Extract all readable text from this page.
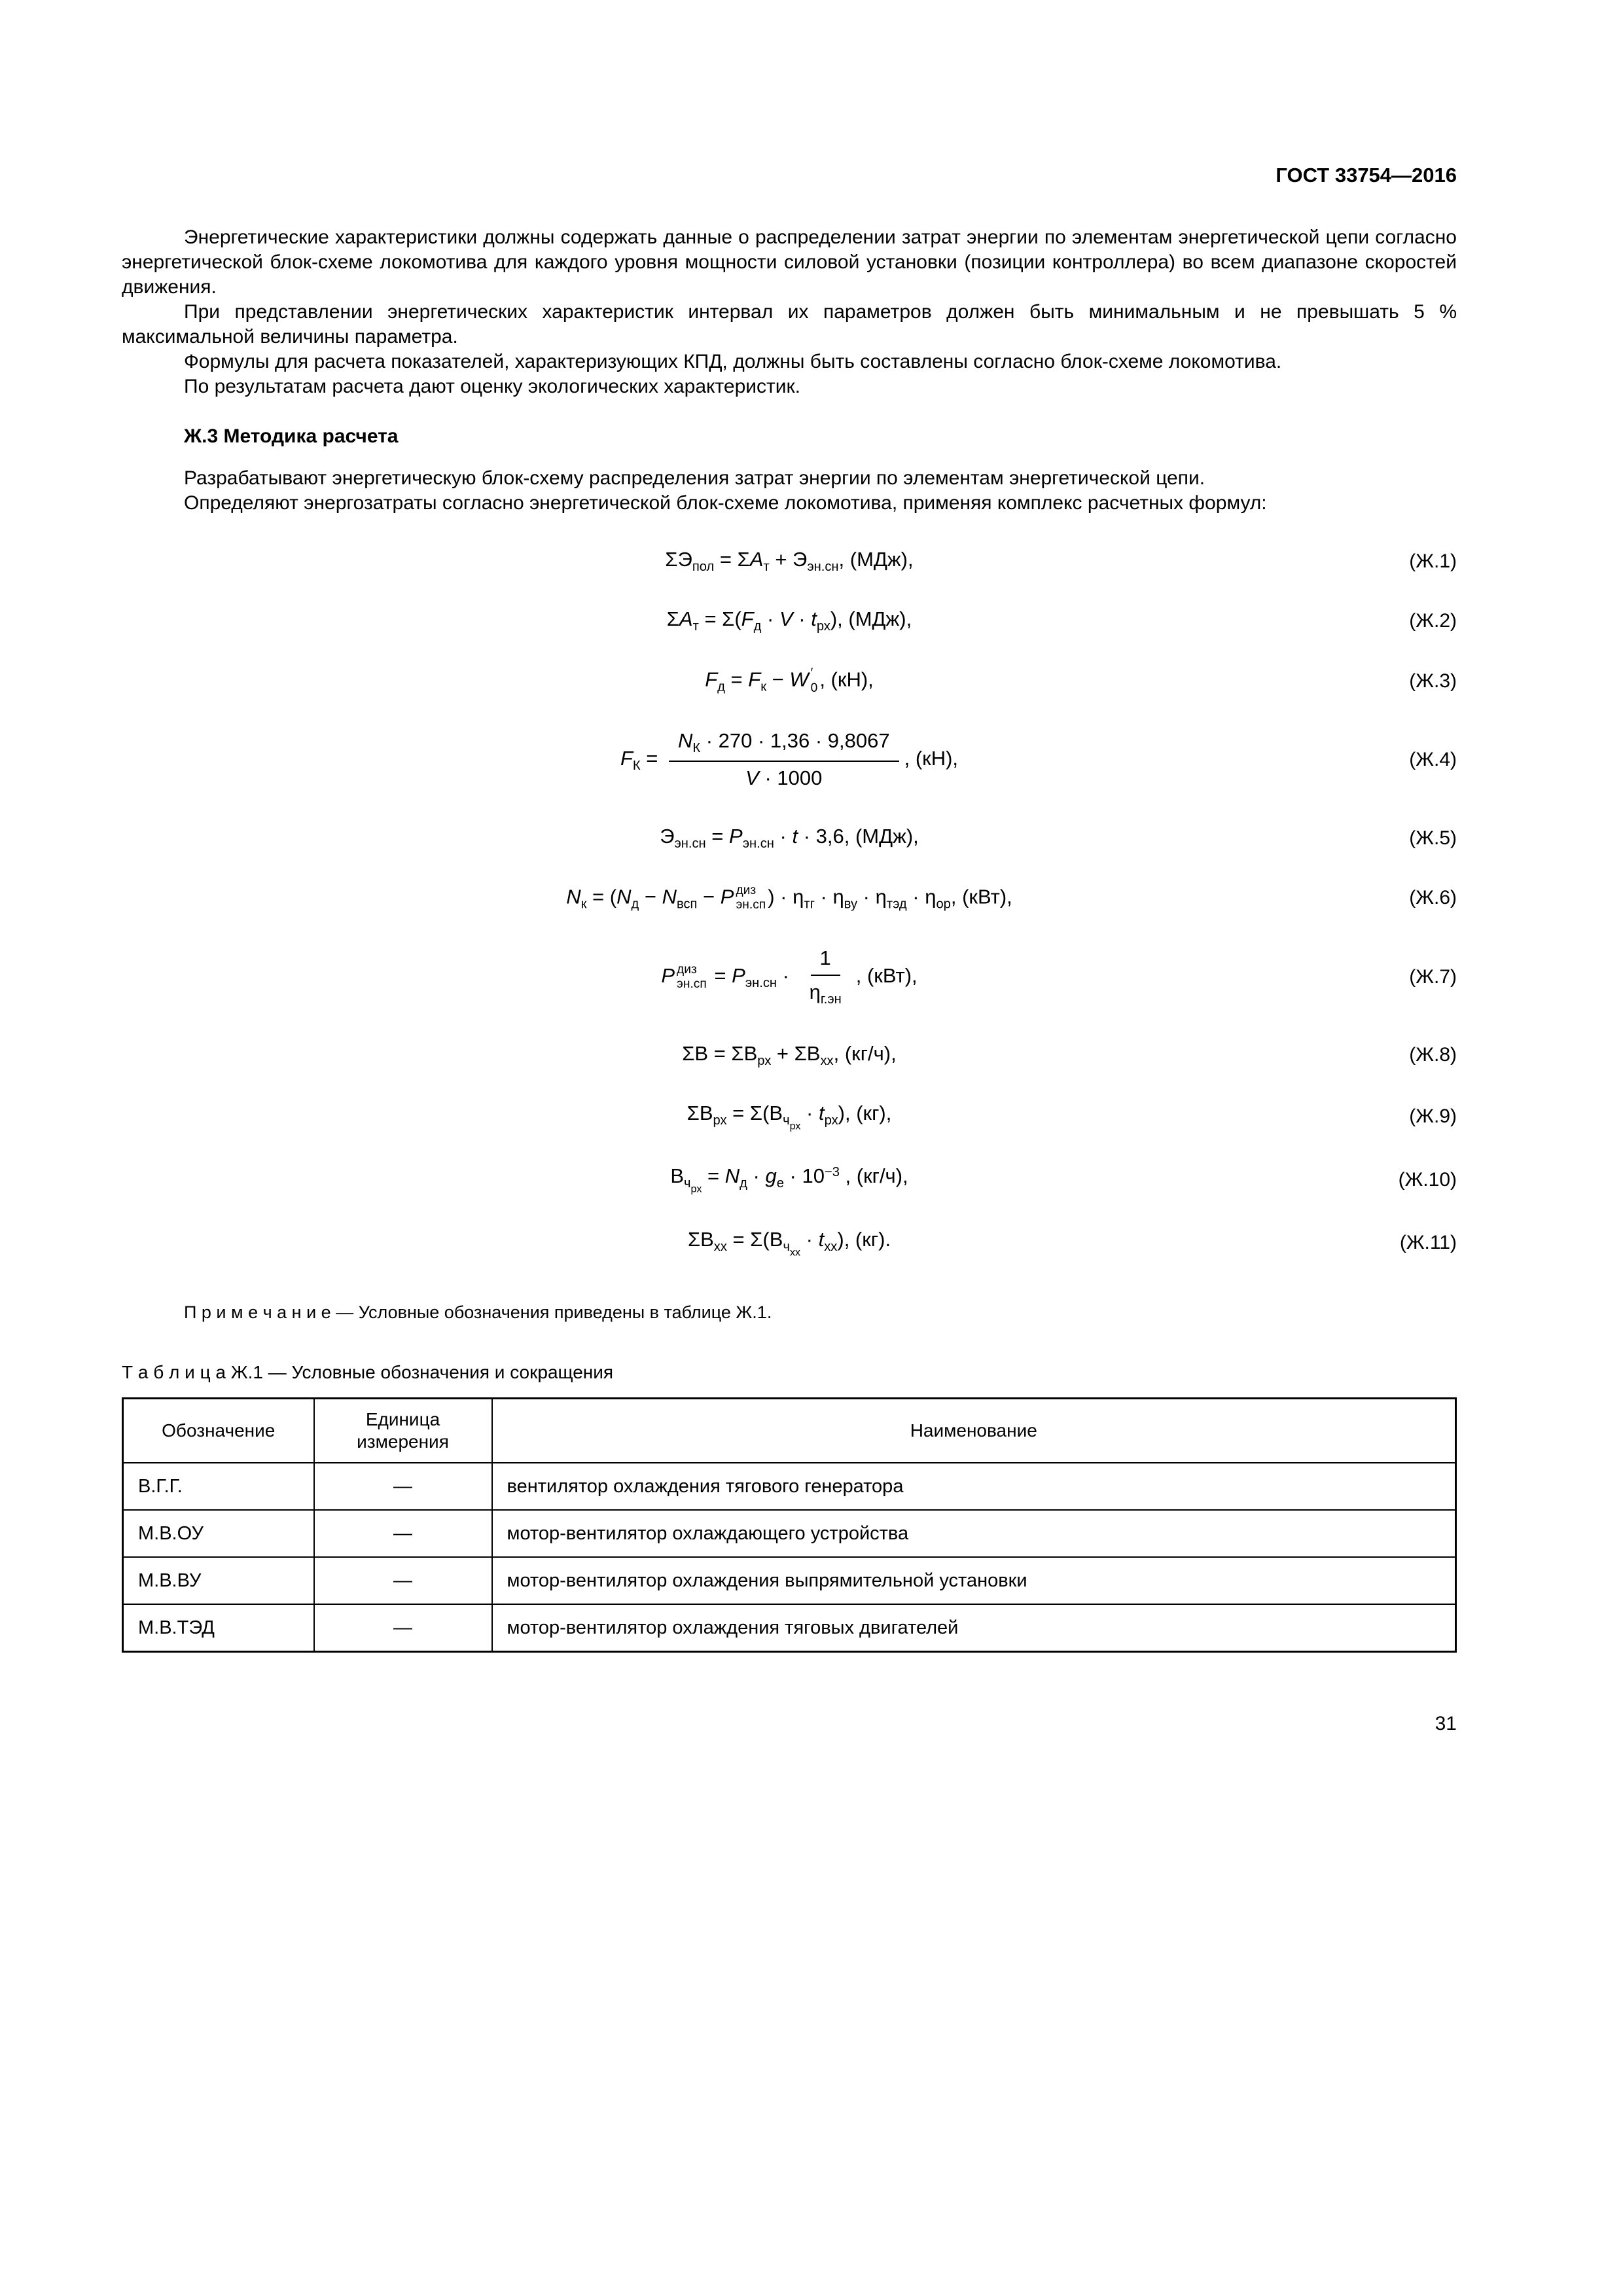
ГОСТ 33754—2016

Энергетические характеристики должны содержать данные о распределении затрат энергии по элементам энергетической цепи согласно энергетической блок-схеме локомотива для каждого уровня мощности силовой установки (позиции контроллера) во всем диапазоне скоростей движения.

При представлении энергетических характеристик интервал их параметров должен быть минимальным и не превышать 5 % максимальной величины параметра.

Формулы для расчета показателей, характеризующих КПД, должны быть составлены согласно блок-схеме локомотива.

По результатам расчета дают оценку экологических характеристик.

Ж.3 Методика расчета

Разрабатывают энергетическую блок-схему распределения затрат энергии по элементам энергетической цепи.

Определяют энергозатраты согласно энергетической блок-схеме локомотива, применяя комплекс расчетных формул:

$\Sigma Э_{пол} = \Sigma А_т + Э_{эн.сн}$, (МДж),	(Ж.1)
$\Sigma А_т = \Sigma(F_д \cdot V \cdot t_{рх})$, (МДж),	(Ж.2)
$F_д = F_к - W$ ′
0 , (кН),	(Ж.3)
$F_К = \frac{N_К \cdot 270 \cdot 1,36 \cdot 9,8067}{V \cdot 1000}$ , (кН),	(Ж.4)
$Э_{эн.сн} = P_{эн.сн} \cdot t \cdot 3,6$, (МДж),	(Ж.5)
$N_к = (N_д - N_{всп} - P$ диз
эн.сп ) · $\eta_{тг} \cdot \eta_{ву} \cdot \eta_{тэд} \cdot \eta_{ор}$, (кВт),	(Ж.6)
P диз
$эн.сп = P_{эн.сн} \cdot \frac{1}{\eta_{г.эн}}$ , (кВт),	(Ж.7)
$\Sigma В = \Sigma В_{рх} + \Sigma В_{хх}$, (кг/ч),	(Ж.8)
$\Sigma В_{рх} = \Sigma(В_{ч_{рх}} \cdot t_{рх})$, (кг),	(Ж.9)
$В_{ч_{рх}} = N_д \cdot g_е \cdot 10^{-3}$ , (кг/ч),	(Ж.10)
$\Sigma В_{хх} = \Sigma(В_{ч_{хх}} \cdot t_{хх})$, (кг).	(Ж.11)

П р и м е ч а н и е — Условные обозначения приведены в таблице Ж.1.

Т а б л и ц а Ж.1 — Условные обозначения и сокращения

Обозначение	Единица измерения	Наименование
В.Г.Г.	—	вентилятор охлаждения тягового генератора
М.В.ОУ	—	мотор-вентилятор охлаждающего устройства
М.В.ВУ	—	мотор-вентилятор охлаждения выпрямительной установки
М.В.ТЭД	—	мотор-вентилятор охлаждения тяговых двигателей
31
